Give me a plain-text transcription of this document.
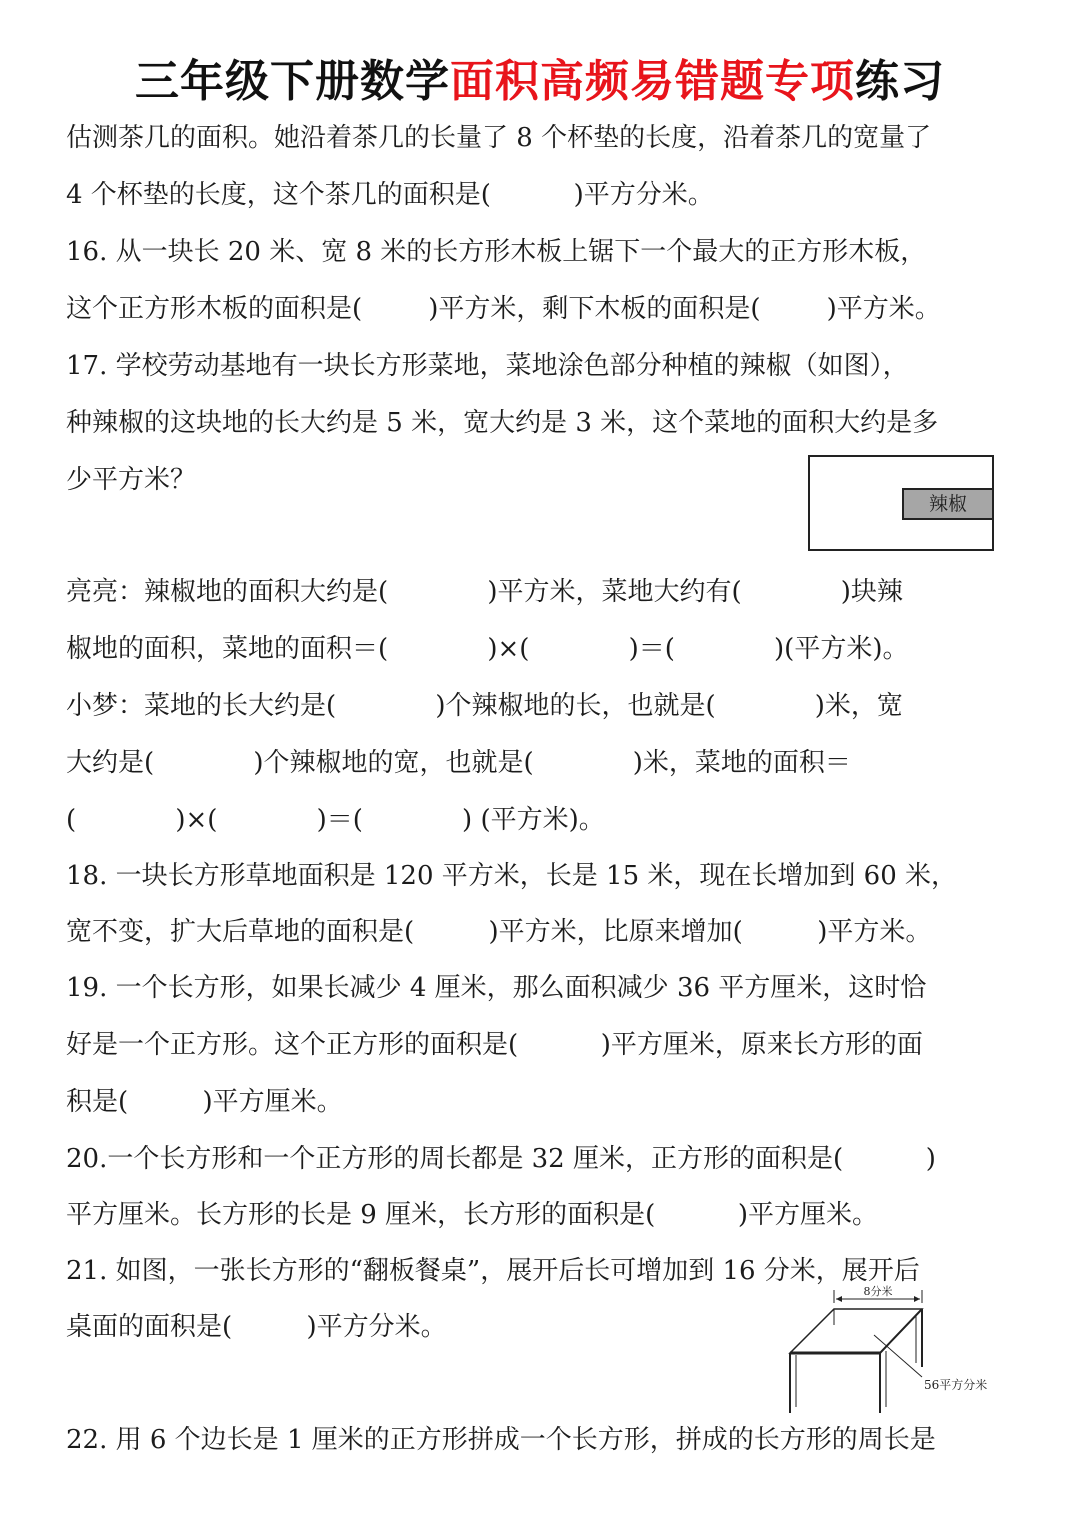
三年级下册数学面积高频易错题专项练习
估测茶几的面积。她沿着茶几的长量了 8 个杯垫的长度，沿着茶几的宽量了
4 个杯垫的长度，这个茶几的面积是(          )平方分米。
16. 从一块长 20 米、宽 8 米的长方形木板上锯下一个最大的正方形木板，
这个正方形木板的面积是(        )平方米，剩下木板的面积是(        )平方米。
17. 学校劳动基地有一块长方形菜地，菜地涂色部分种植的辣椒（如图），
种辣椒的这块地的长大约是 5 米，宽大约是 3 米，这个菜地的面积大约是多
少平方米？
辣椒
亮亮：辣椒地的面积大约是(            )平方米，菜地大约有(            )块辣
椒地的面积，菜地的面积＝(            )×(            )＝(            )(平方米)。
小梦：菜地的长大约是(            )个辣椒地的长，也就是(            )米，宽
大约是(            )个辣椒地的宽，也就是(            )米，菜地的面积＝
(            )×(            )＝(            ) (平方米)。
18. 一块长方形草地面积是 120 平方米，长是 15 米，现在长增加到 60 米，
宽不变，扩大后草地的面积是(         )平方米，比原来增加(         )平方米。
19. 一个长方形，如果长减少 4 厘米，那么面积减少 36 平方厘米，这时恰
好是一个正方形。这个正方形的面积是(          )平方厘米，原来长方形的面
积是(         )平方厘米。
20.一个长方形和一个正方形的周长都是 32 厘米，正方形的面积是(          )
平方厘米。长方形的长是 9 厘米，长方形的面积是(          )平方厘米。
21. 如图，一张长方形的“翻板餐桌”，展开后长可增加到 16 分米，展开后
桌面的面积是(         )平方分米。
8分米
56平方分米
22. 用 6 个边长是 1 厘米的正方形拼成一个长方形，拼成的长方形的周长是
